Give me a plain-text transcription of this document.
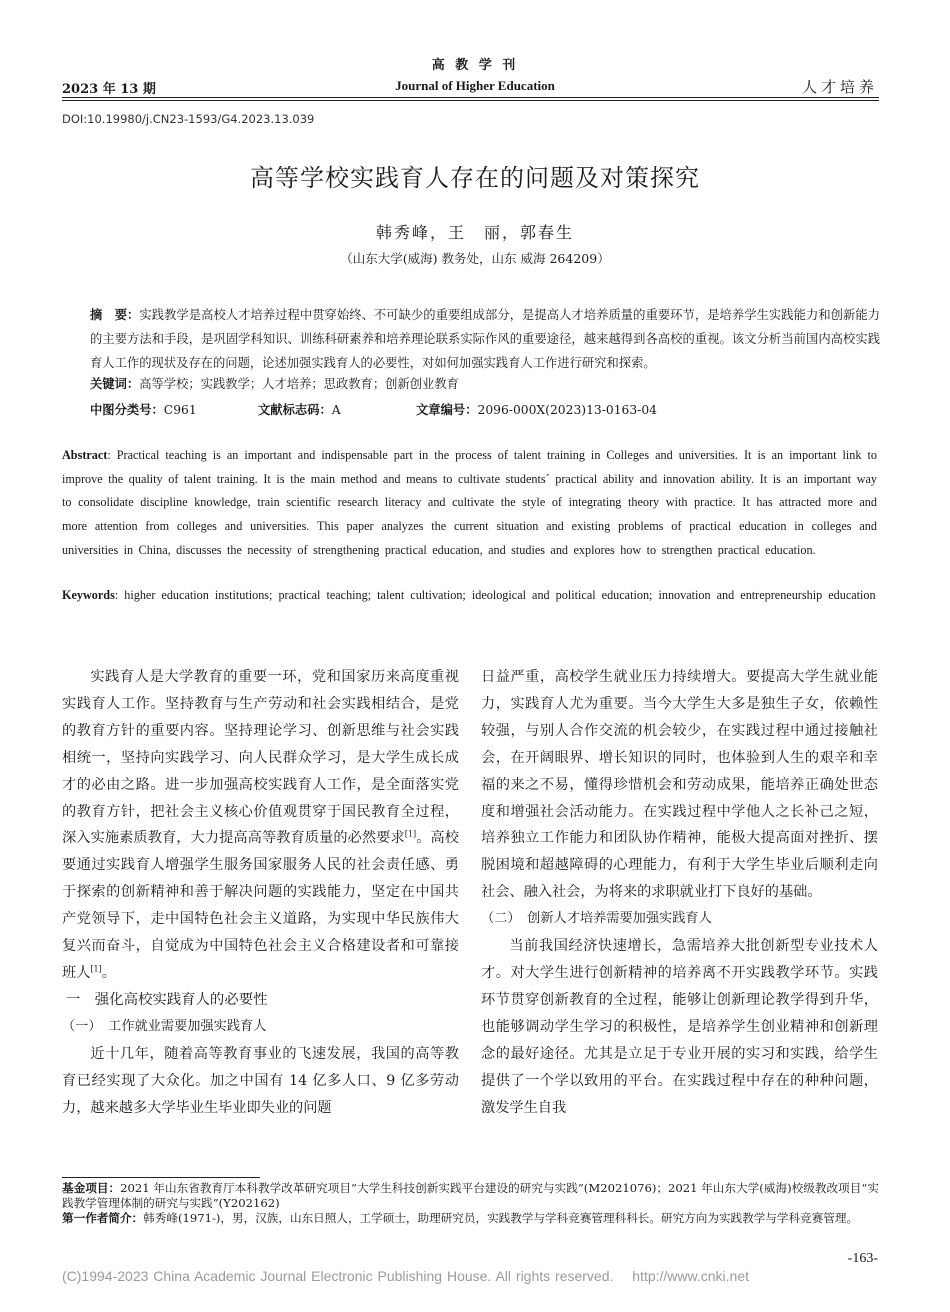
高 教 学 刊
Journal of Higher Education
2023 年 13 期	人才培养
DOI:10.19980/j.CN23-1593/G4.2023.13.039
高等学校实践育人存在的问题及对策探究
韩秀峰，王　丽，郭春生
（山东大学(威海) 教务处，山东 威海 264209）
摘　要：实践教学是高校人才培养过程中贯穿始终、不可缺少的重要组成部分，是提高人才培养质量的重要环节，是培养学生实践能力和创新能力的主要方法和手段，是巩固学科知识、训练科研素养和培养理论联系实际作风的重要途径，越来越得到各高校的重视。该文分析当前国内高校实践育人工作的现状及存在的问题，论述加强实践育人的必要性，对如何加强实践育人工作进行研究和探索。
关键词：高等学校；实践教学；人才培养；思政教育；创新创业教育
中图分类号：C961	文献标志码：A	文章编号：2096-000X(2023)13-0163-04
Abstract: Practical teaching is an important and indispensable part in the process of talent training in Colleges and universities. It is an important link to improve the quality of talent training. It is the main method and means to cultivate students´ practical ability and innovation ability. It is an important way to consolidate discipline knowledge, train scientific research literacy and cultivate the style of integrating theory with practice. It has attracted more and more attention from colleges and universities. This paper analyzes the current situation and existing problems of practical education in colleges and universities in China, discusses the necessity of strengthening practical education, and studies and explores how to strengthen practical education.
Keywords: higher education institutions; practical teaching; talent cultivation; ideological and political education; innovation and entrepreneurship education

实践育人是大学教育的重要一环，党和国家历来高度重视实践育人工作。坚持教育与生产劳动和社会实践相结合，是党的教育方针的重要内容。坚持理论学习、创新思维与社会实践相统一，坚持向实践学习、向人民群众学习，是大学生成长成才的必由之路。进一步加强高校实践育人工作，是全面落实党的教育方针，把社会主义核心价值观贯穿于国民教育全过程，深入实施素质教育，大力提高高等教育质量的必然要求[1]。高校要通过实践育人增强学生服务国家服务人民的社会责任感、勇于探索的创新精神和善于解决问题的实践能力，坚定在中国共产党领导下，走中国特色社会主义道路，为实现中华民族伟大复兴而奋斗，自觉成为中国特色社会主义合格建设者和可靠接班人[1]。

一　强化高校实践育人的必要性
（一）　工作就业需要加强实践育人

近十几年，随着高等教育事业的飞速发展，我国的高等教育已经实现了大众化。加之中国有 14 亿多人口、9 亿多劳动力，越来越多大学毕业生毕业即失业的问题

日益严重，高校学生就业压力持续增大。要提高大学生就业能力，实践育人尤为重要。当今大学生大多是独生子女，依赖性较强，与别人合作交流的机会较少，在实践过程中通过接触社会，在开阔眼界、增长知识的同时，也体验到人生的艰辛和幸福的来之不易，懂得珍惜机会和劳动成果，能培养正确处世态度和增强社会活动能力。在实践过程中学他人之长补己之短，培养独立工作能力和团队协作精神，能极大提高面对挫折、摆脱困境和超越障碍的心理能力，有利于大学生毕业后顺利走向社会、融入社会，为将来的求职就业打下良好的基础。

（二）　创新人才培养需要加强实践育人

当前我国经济快速增长，急需培养大批创新型专业技术人才。对大学生进行创新精神的培养离不开实践教学环节。实践环节贯穿创新教育的全过程，能够让创新理论教学得到升华，也能够调动学生学习的积极性，是培养学生创业精神和创新理念的最好途径。尤其是立足于专业开展的实习和实践，给学生提供了一个学以致用的平台。在实践过程中存在的种种问题，激发学生自我

基金项目：2021 年山东省教育厅本科教学改革研究项目“大学生科技创新实践平台建设的研究与实践”(M2021076)；2021 年山东大学(威海)校级教改项目“实践教学管理体制的研究与实践”(Y202162)

第一作者简介：韩秀峰(1971-)，男，汉族，山东日照人，工学硕士，助理研究员，实践教学与学科竞赛管理科科长。研究方向为实践教学与学科竞赛管理。

-163-
(C)1994-2023 China Academic Journal Electronic Publishing House. All rights reserved.　 http://www.cnki.net
